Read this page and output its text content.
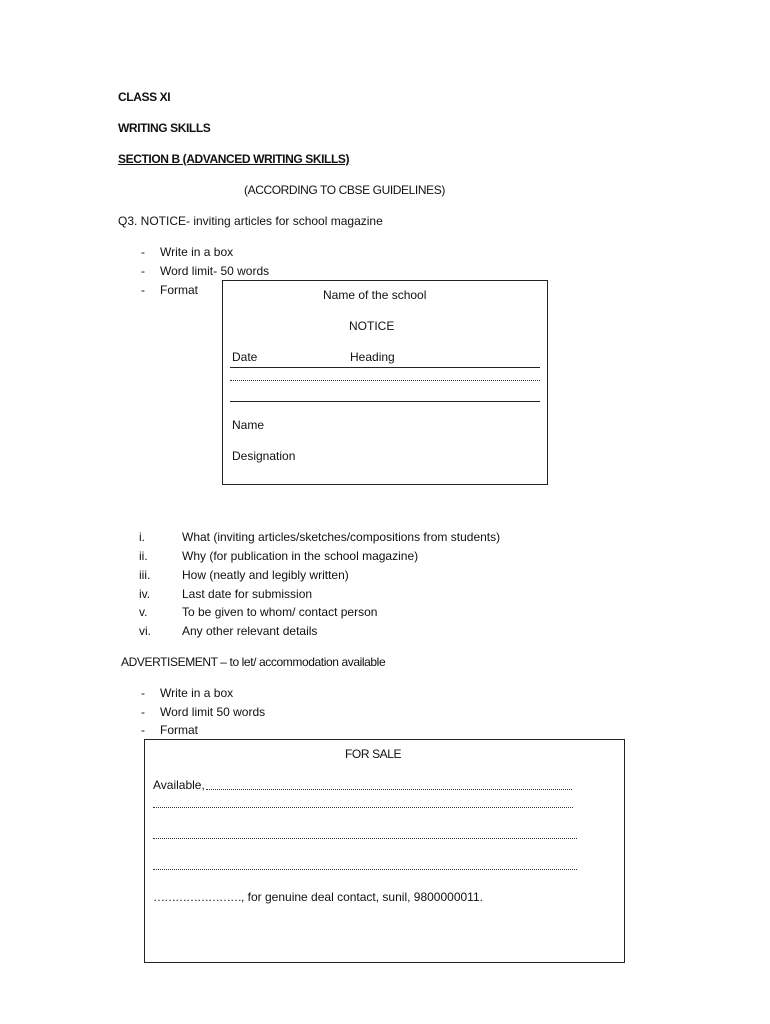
CLASS XI
WRITING SKILLS
SECTION B (ADVANCED WRITING SKILLS)
(ACCORDING TO CBSE GUIDELINES)
Q3. NOTICE- inviting articles for school magazine
- Write in a box
- Word limit- 50 words
- Format	Name of the school
NOTICE
Date	Heading
Name
Designation
i.	What (inviting articles/sketches/compositions from students)
ii.	Why (for publication in the school magazine)
iii.	How (neatly and legibly written)
iv.	Last date for submission
v.	To be given to whom/ contact person
vi.	Any other relevant details
ADVERTISEMENT – to let/ accommodation available
- Write in a box
- Word limit 50 words
- Format
FOR SALE
Available,
……………………, for genuine deal contact, sunil, 9800000011.
